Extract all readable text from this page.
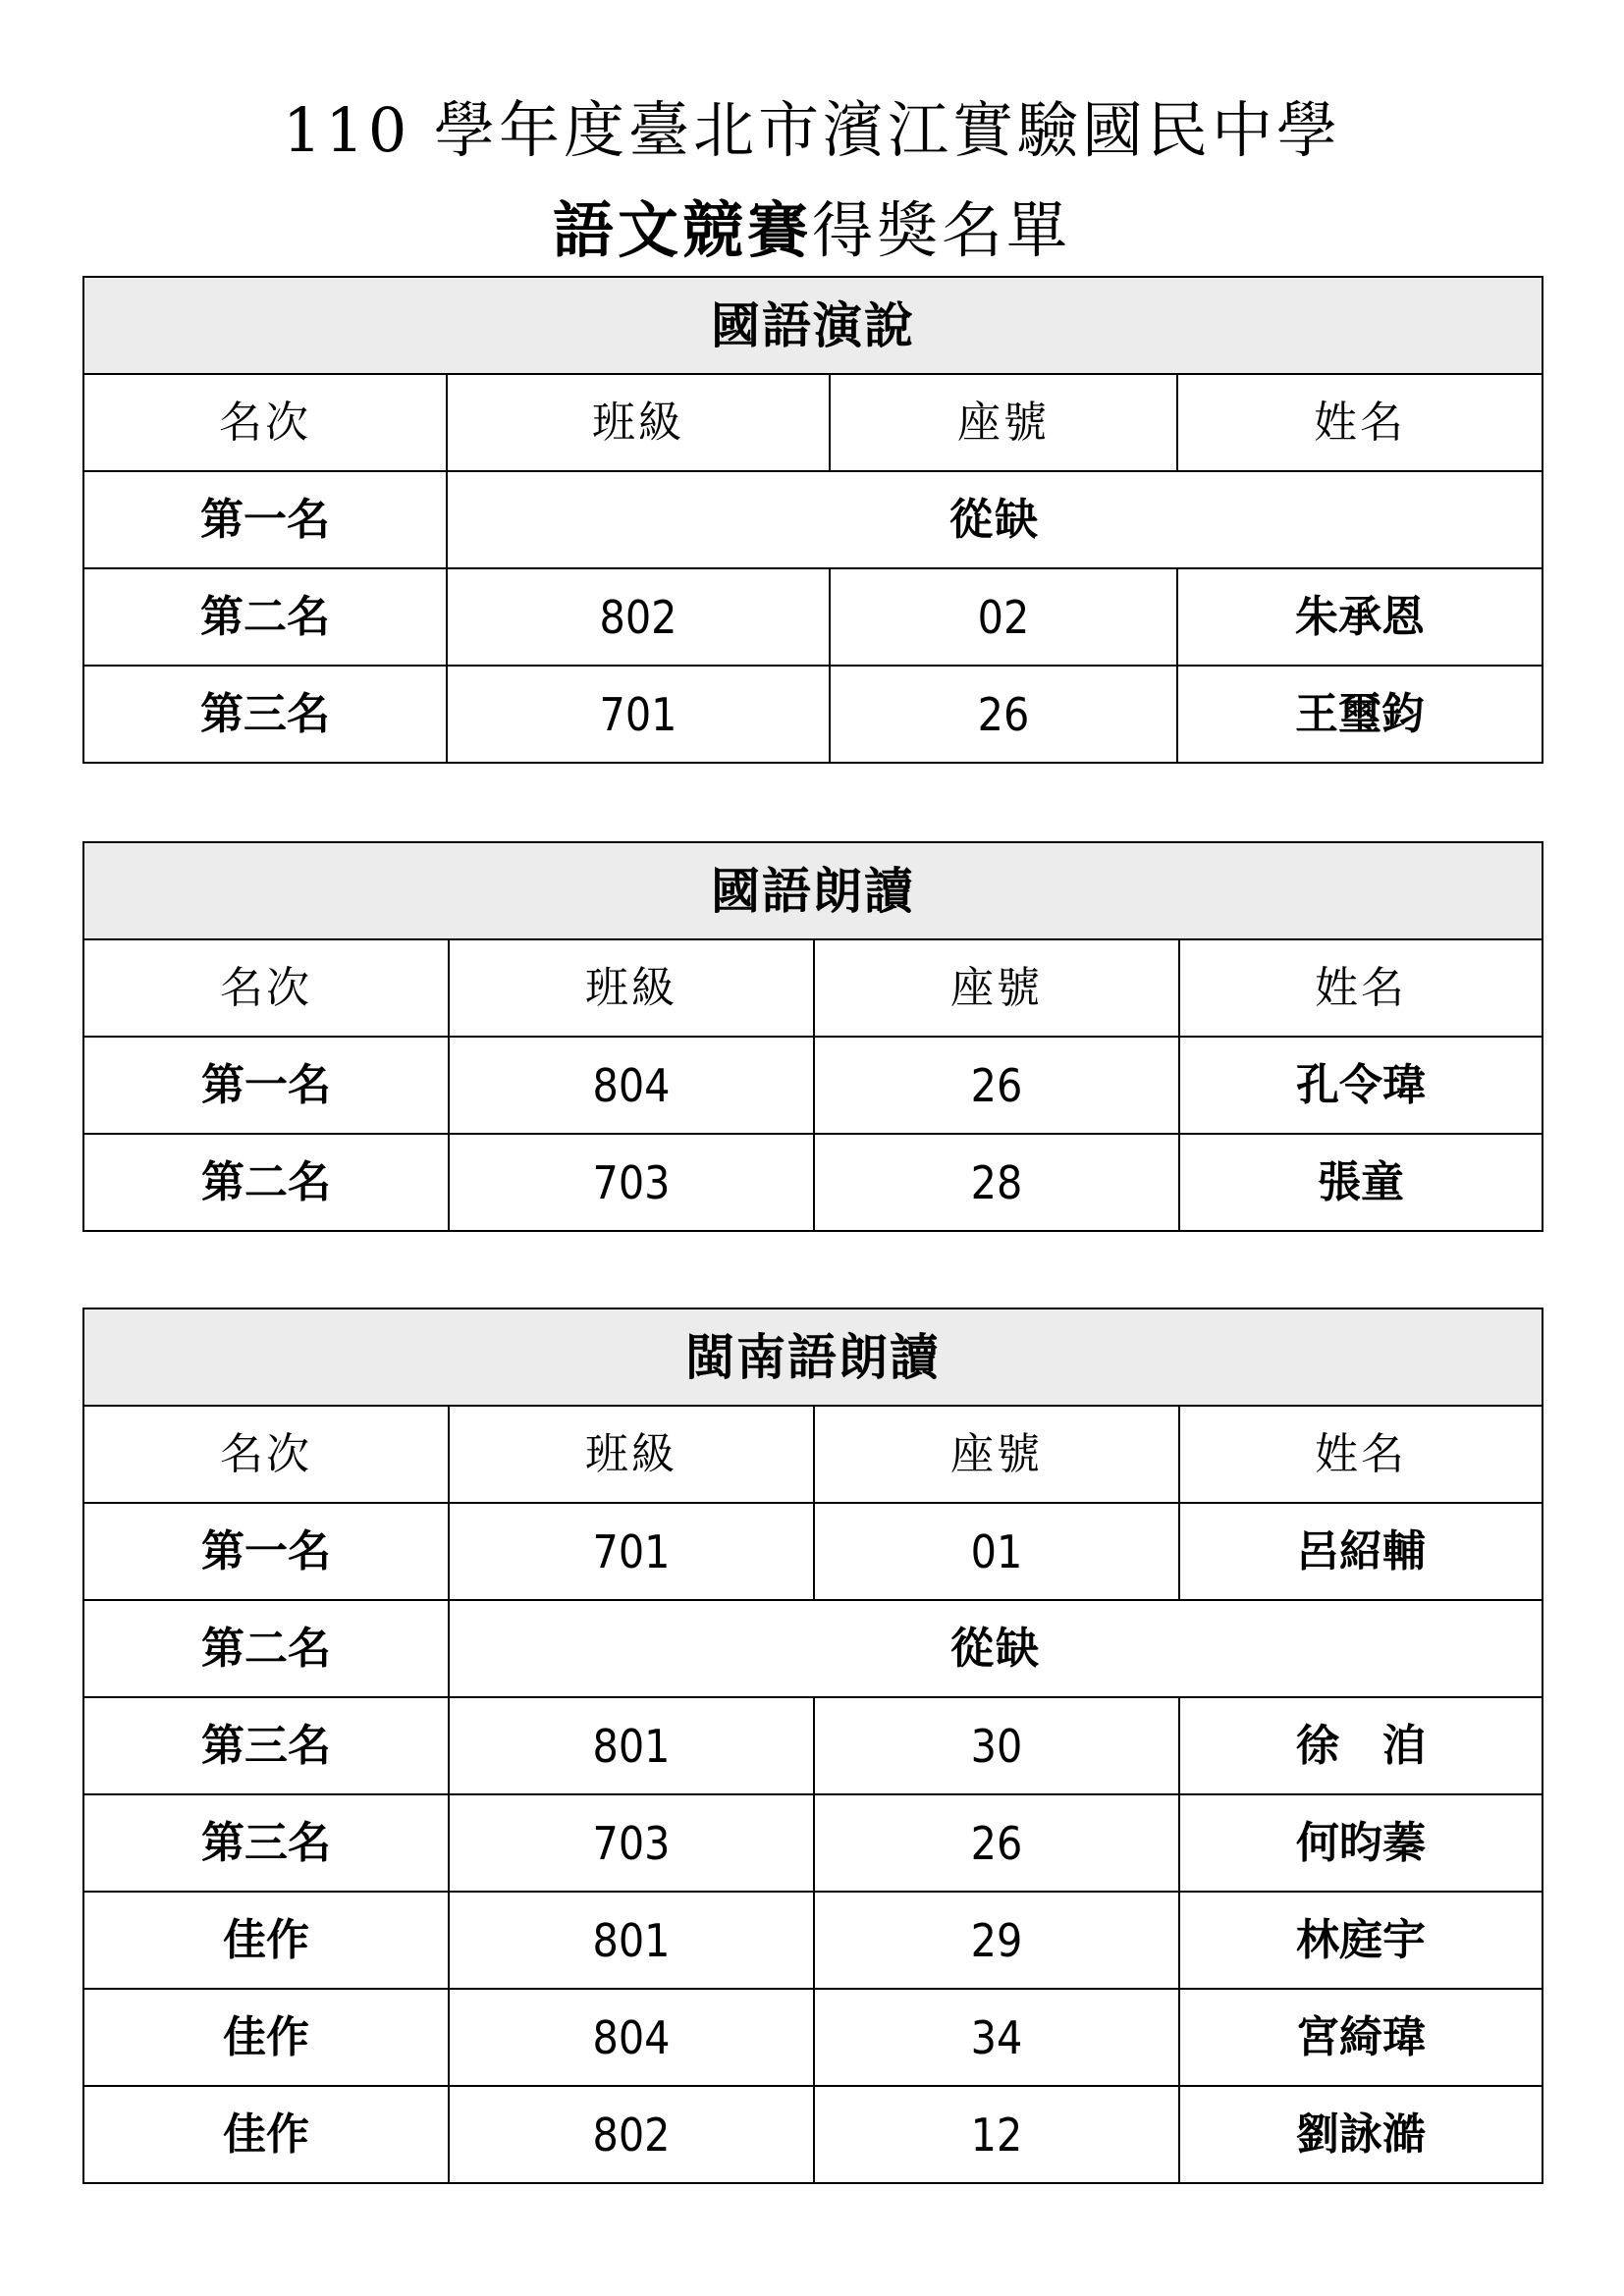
110 學年度臺北市濱江實驗國民中學
語文競賽得獎名單
國語演說			
名次	班級	座號	姓名
第一名	從缺		
第二名	802	02	朱承恩
第三名	701	26	王璽鈞
國語朗讀			
名次	班級	座號	姓名
第一名	804	26	孔令瑋
第二名	703	28	張童
閩南語朗讀			
名次	班級	座號	姓名
第一名	701	01	呂紹輔
第二名	從缺		
第三名	801	30	徐　洎
第三名	703	26	何昀蓁
佳作	801	29	林庭宇
佳作	804	34	宮綺瑋
佳作	802	12	劉詠澔
